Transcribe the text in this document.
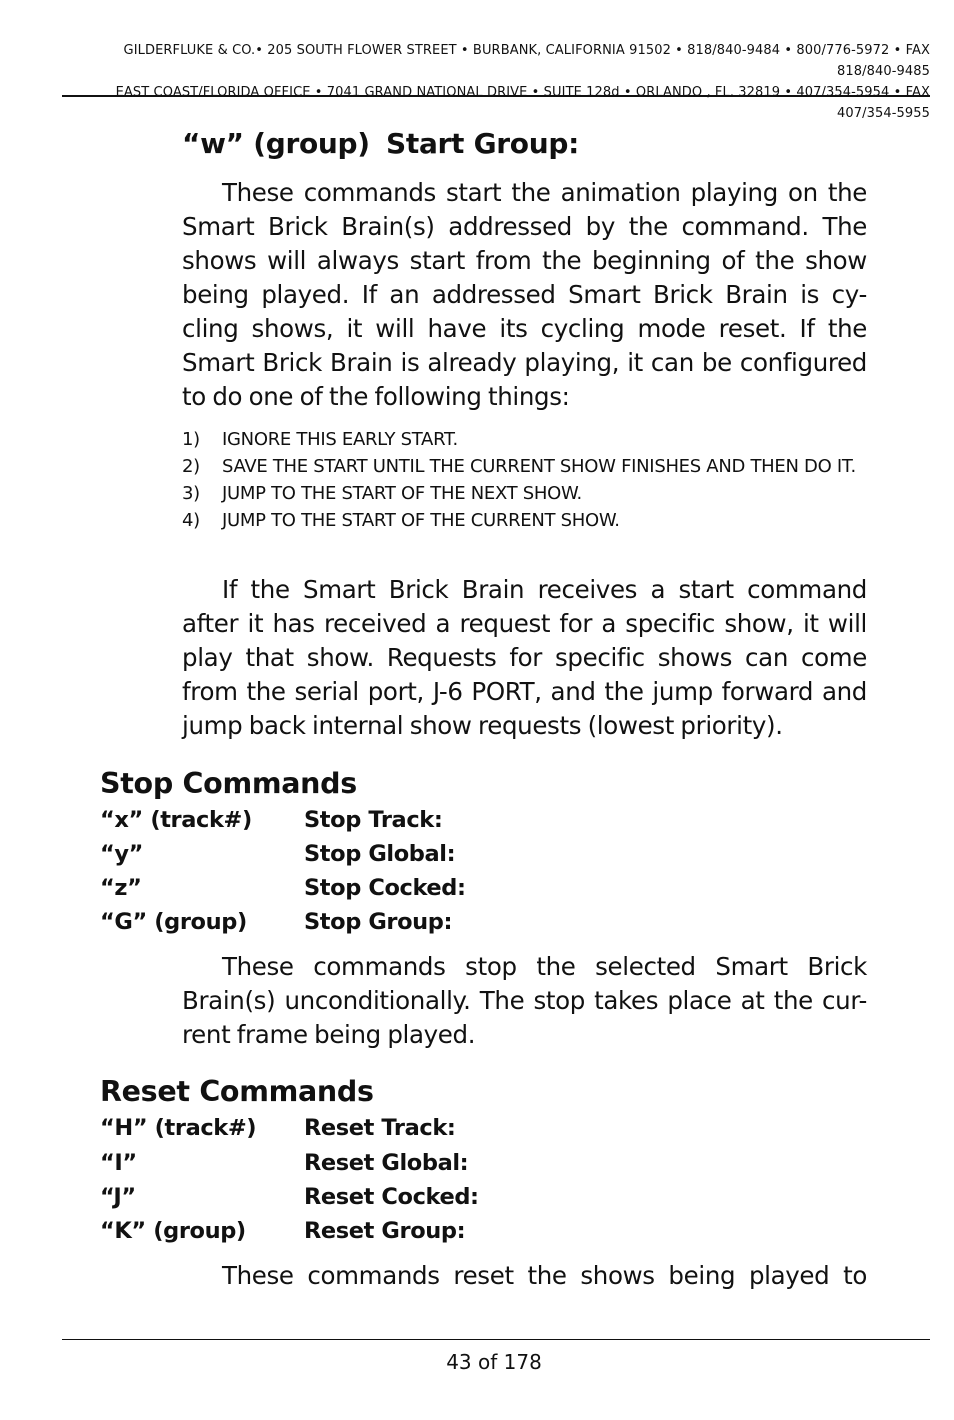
GILDERFLUKE & CO.• 205 SOUTH FLOWER STREET • BURBANK, CALIFORNIA 91502 • 818/840-9484 • 800/776-5972 • FAX 818/840-9485
EAST COAST/FLORIDA OFFICE • 7041 GRAND NATIONAL DRIVE • SUITE 128d • ORLANDO , FL. 32819 • 407/354-5954 • FAX 407/354-5955
“w” (group) Start Group:

These commands start the animation playing on the Smart Brick Brain(s) addressed by the command. The shows will always start from the beginning of the show being played. If an addressed Smart Brick Brain is cy-cling shows, it will have its cycling mode reset. If the Smart Brick Brain is already playing, it can be configured to do one of the following things:

1)	IGNORE THIS EARLY START.
2)	SAVE THE START UNTIL THE CURRENT SHOW FINISHES AND THEN DO IT.
3)	JUMP TO THE START OF THE NEXT SHOW.
4)	JUMP TO THE START OF THE CURRENT SHOW.

If the Smart Brick Brain receives a start command after it has received a request for a specific show, it will play that show. Requests for specific shows can come from the serial port, J-6 PORT, and the jump forward and jump back internal show requests (lowest priority).

Stop Commands
“x” (track#) Stop Track:
“y”	Stop Global:
“z”	Stop Cocked:
“G” (group)	Stop Group:

These commands stop the selected Smart Brick Brain(s) unconditionally. The stop takes place at the cur-rent frame being played.

Reset Commands
“H” (track#) Reset Track:
“I”	Reset Global:
“J”	Reset Cocked:
“K” (group)	Reset Group:

These commands reset the shows being played to

43 of 178
